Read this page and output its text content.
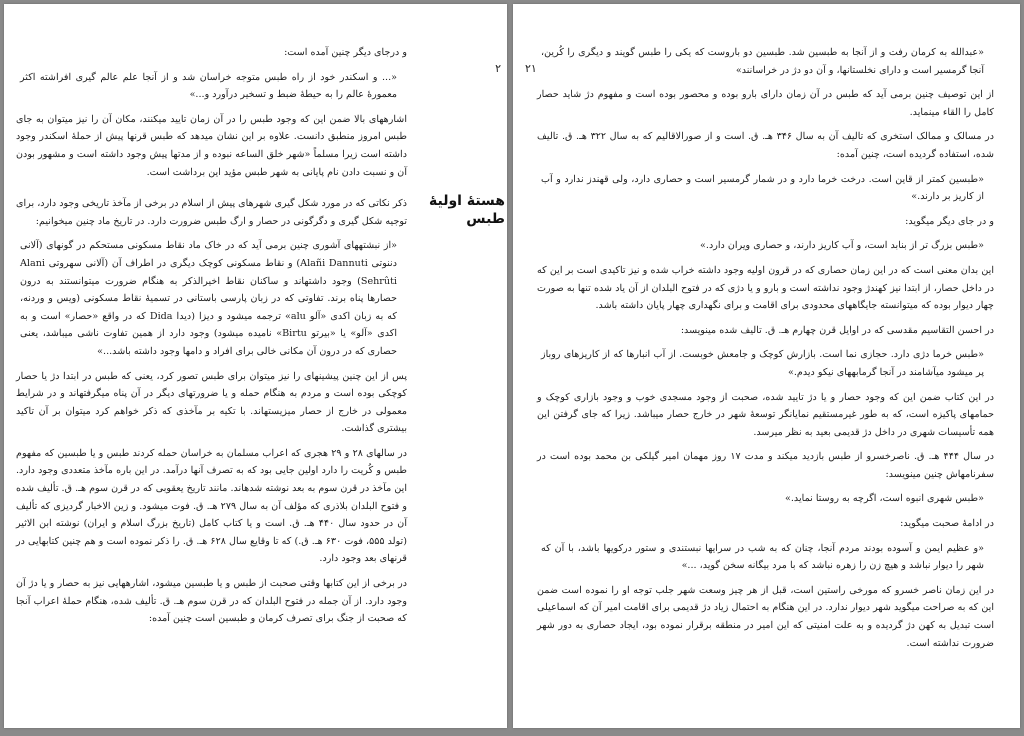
۲

و درجای دیگر چنین آمده است:

«... و اسکندر خود از راه طبس متوجه خراسان شد و از آنجا علم عالم گیری افراشته اکثر معمورهٔ عالم را به حیطهٔ ضبط و تسخیر درآورد و...»

اشارههای بالا ضمن این که وجود طبس را در آن زمان تایید میکنند، مکان آن را نیز میتوان به جای طبس امروز منطبق دانست. علاوه بر این نشان میدهد که طبس قرنها پیش از حملهٔ اسکندر وجود داشته است زیرا مسلماً «شهر خلق الساعه نبوده و از مدتها پیش وجود داشته است و مشهور بودن آن و نسبت دادن نام پایانی به شهر طبس مؤید این برداشت است.

هستهٔ اولیهٔ طبس

ذکر نکاتی که در مورد شکل گیری شهرهای پیش از اسلام در برخی از مآخذ تاریخی وجود دارد، برای توجیه شکل گیری و دگرگونی در حصار و ارگ طبس ضرورت دارد. در تاریخ ماد چنین میخوانیم:

«از نبشتههای آشوری چنین برمی آید که در خاک ماد نقاط مسکونی مستحکم در گونهای (آلانی دننوتی Alañi Dannuti) و نقاط مسکونی کوچک دیگری در اطراف آن (آلانی سهروتی Alani Sehrûti) وجود داشتهاند و ساکنان نقاط اخیرالذکر به هنگام ضرورت میتوانستند به درون حصارها پناه برند. تفاوتی که در زبان پارسی باستانی در تسمیهٔ نقاط مسکونی (ویس و وردنه، که به زبان اکدی «آلو alu» ترجمه میشود و دیزا (دیدا Dida که در واقع «حصار» است و به اکدی «آلو» یا «بیرتو Birtu» نامیده میشود) وجود دارد از همین تفاوت ناشی میباشد، یعنی حصاری که در درون آن مکانی خالی برای افراد و دامها وجود داشته باشد...»

پس از این چنین پیشینهای را نیز میتوان برای طبس تصور کرد، یعنی که طبس در ابتدا دژ یا حصار کوچکی بوده است و مردم به هنگام حمله و یا ضرورتهای دیگر در آن پناه میگرفتهاند و در شرایط معمولی در خارج از حصار میزیستهاند. با تکیه بر مآخذی که ذکر خواهم کرد میتوان بر آن تاکید بیشتری گذاشت.

در سالهای ۲۸ و ۲۹ هجری که اعراب مسلمان به خراسان حمله کردند طبس و یا طبسین که مفهوم طبس و کُریت را دارد اولین جایی بود که به تصرف آنها درآمد. در این باره مآخذ متعددی وجود دارد. این مآخذ در قرن سوم به بعد نوشته شدهاند. مانند تاریخ یعقوبی که در قرن سوم هـ. ق. تألیف شده و فتوح البلدان بلاذری که مؤلف آن به سال ۲۷۹ هـ. ق. فوت میشود. و زین الاخبار گردیزی که تألیف آن در حدود سال ۴۴۰ هـ. ق. است و یا کتاب کامل (تاریخ بزرگ اسلام و ایران) نوشته ابن الاثیر (تولد ۵۵۵، فوت ۶۳۰ هـ. ق.) که تا وقایع سال ۶۲۸ هـ. ق. را ذکر نموده است و هم چنین کتابهایی در قرنهای بعد وجود دارد.

در برخی از این کتابها وقتی صحبت از طبس و یا طبسین میشود، اشارههایی نیز به حصار و یا دژ آن وجود دارد. از آن جمله در فتوح البلدان که در قرن سوم هـ. ق. تألیف شده، هنگام حملهٔ اعراب آنجا که صحبت از جنگ برای تصرف کرمان و طبسین است چنین آمده:

۲۱

«عبدالله به کرمان رفت و از آنجا به طبسین شد. طبسین دو باروست که یکی را طبس گویند و دیگری را کُرین، آنجا گرمسیر است و دارای نخلستانها، و آن دو دژ در خراسانند»

از این توصیف چنین برمی آید که طبس در آن زمان دارای بارو بوده و محصور بوده است و مفهوم دژ شاید حصار کامل را القاء مینماید.

در مسالک و ممالک استخری که تالیف آن به سال ۳۴۶ هـ. ق. است و از صورالاقالیم که به سال ۳۲۲ هـ. ق. تالیف شده، استفاده گردیده است، چنین آمده:

«طبسین کمتر از قاین است. درخت خرما دارد و در شمار گرمسیر است و حصاری دارد، ولی قهندز ندارد و آب از کاریز بر دارند.»

و در جای دیگر میگوید:

«طبس بزرگ تر از بنابد است، و آب کاریز دارند، و حصاری ویران دارد.»

این بدان معنی است که در این زمان حصاری که در قرون اولیه وجود داشته خراب شده و نیز تاکیدی است بر این که در داخل حصار، از ابتدا نیز کهندژ وجود نداشته است و بارو و یا دژی که در فتوح البلدان از آن یاد شده تنها به صورت چهار دیوار بوده که میتوانسته جایگاههای محدودی برای اقامت و برای نگهداری چهار پایان داشته باشد.

در احسن التقاسیم مقدسی که در اوایل قرن چهارم هـ. ق. تالیف شده مینویسد:

«طبس خرما دژی دارد. حجازی نما است. بازارش کوچک و جامعش خوبست. از آب انبارها که از کاریزهای روباز پر میشود میآشامند در آنجا گرمابههای نیکو دیدم.»

در این کتاب ضمن این که وجود حصار و یا دژ تایید شده، صحبت از وجود مسجدی خوب و وجود بازاری کوچک و حمامهای پاکیزه است، که به طور غیرمستقیم نمایانگر توسعهٔ شهر در خارج حصار میباشد. زیرا که جای گرفتن این همه تأسیسات شهری در داخل دژ قدیمی بعید به نظر میرسد.

در سال ۴۴۴ هـ. ق. ناصرخسرو از طبس بازدید میکند و مدت ۱۷ روز مهمان امیر گیلکی بن محمد بوده است در سفرنامهاش چنین مینویسد:

«طبس شهری انبوه است، اگرچه به روستا نماید.»

در ادامهٔ صحبت میگوید:

«و عظیم ایمن و آسوده بودند مردم آنجا، چنان که به شب در سرایها نبستندی و ستور درکویها باشد، با آن که شهر را دیوار نباشد و هیچ زن را زهره نباشد که با مرد بیگانه سخن گوید، ...»

در این زمان ناصر خسرو که مورخی راستین است، قبل از هر چیز وسعت شهر جلب توجه او را نموده است ضمن این که به صراحت میگوید شهر دیوار ندارد. در این هنگام به احتمال زیاد دژ قدیمی برای اقامت امیر آن که اسماعیلی است تبدیل به کهن دژ گردیده و به علت امنیتی که این امیر در منطقه برقرار نموده بود، ایجاد حصاری به دور شهر ضرورت نداشته است.
